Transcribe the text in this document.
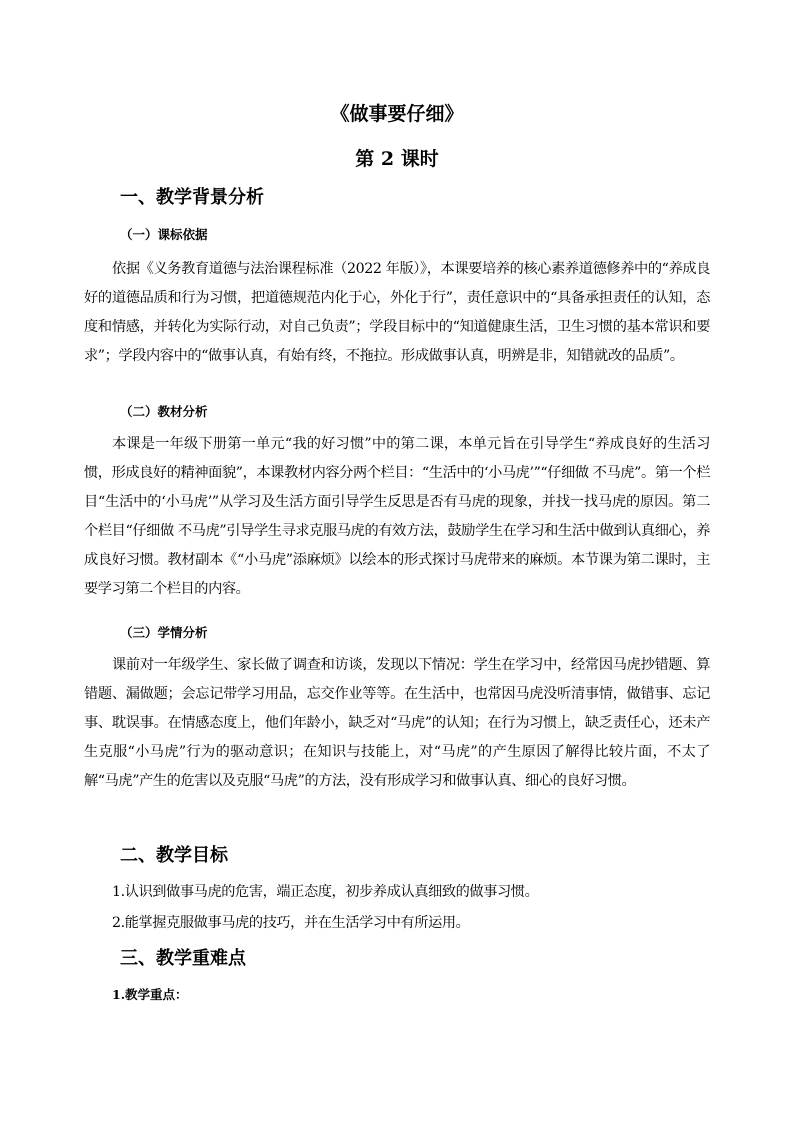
《做事要仔细》
第 2 课时
一、教学背景分析
（一）课标依据
依据《义务教育道德与法治课程标准（2022 年版）》，本课要培养的核心素养道德修养中的“养成良好的道德品质和行为习惯，把道德规范内化于心，外化于行”，责任意识中的“具备承担责任的认知，态度和情感，并转化为实际行动，对自己负责”；学段目标中的“知道健康生活，卫生习惯的基本常识和要求”；学段内容中的“做事认真，有始有终，不拖拉。形成做事认真，明辨是非，知错就改的品质”。
（二）教材分析
本课是一年级下册第一单元“我的好习惯”中的第二课，本单元旨在引导学生“养成良好的生活习惯，形成良好的精神面貌”，本课教材内容分两个栏目：“生活中的‘小马虎’”“仔细做 不马虎”。第一个栏目“生活中的‘小马虎’”从学习及生活方面引导学生反思是否有马虎的现象，并找一找马虎的原因。第二个栏目“仔细做 不马虎”引导学生寻求克服马虎的有效方法，鼓励学生在学习和生活中做到认真细心，养成良好习惯。教材副本《“小马虎”添麻烦》以绘本的形式探讨马虎带来的麻烦。本节课为第二课时，主要学习第二个栏目的内容。
（三）学情分析
课前对一年级学生、家长做了调查和访谈，发现以下情况：学生在学习中，经常因马虎抄错题、算错题、漏做题；会忘记带学习用品，忘交作业等等。在生活中，也常因马虎没听清事情，做错事、忘记事、耽误事。在情感态度上，他们年龄小，缺乏对“马虎”的认知；在行为习惯上，缺乏责任心，还未产生克服“小马虎”行为的驱动意识；在知识与技能上，对“马虎”的产生原因了解得比较片面，不太了解“马虎”产生的危害以及克服“马虎”的方法，没有形成学习和做事认真、细心的良好习惯。
二、教学目标
1.认识到做事马虎的危害，端正态度，初步养成认真细致的做事习惯。
2.能掌握克服做事马虎的技巧，并在生活学习中有所运用。
三、教学重难点
1.教学重点：
